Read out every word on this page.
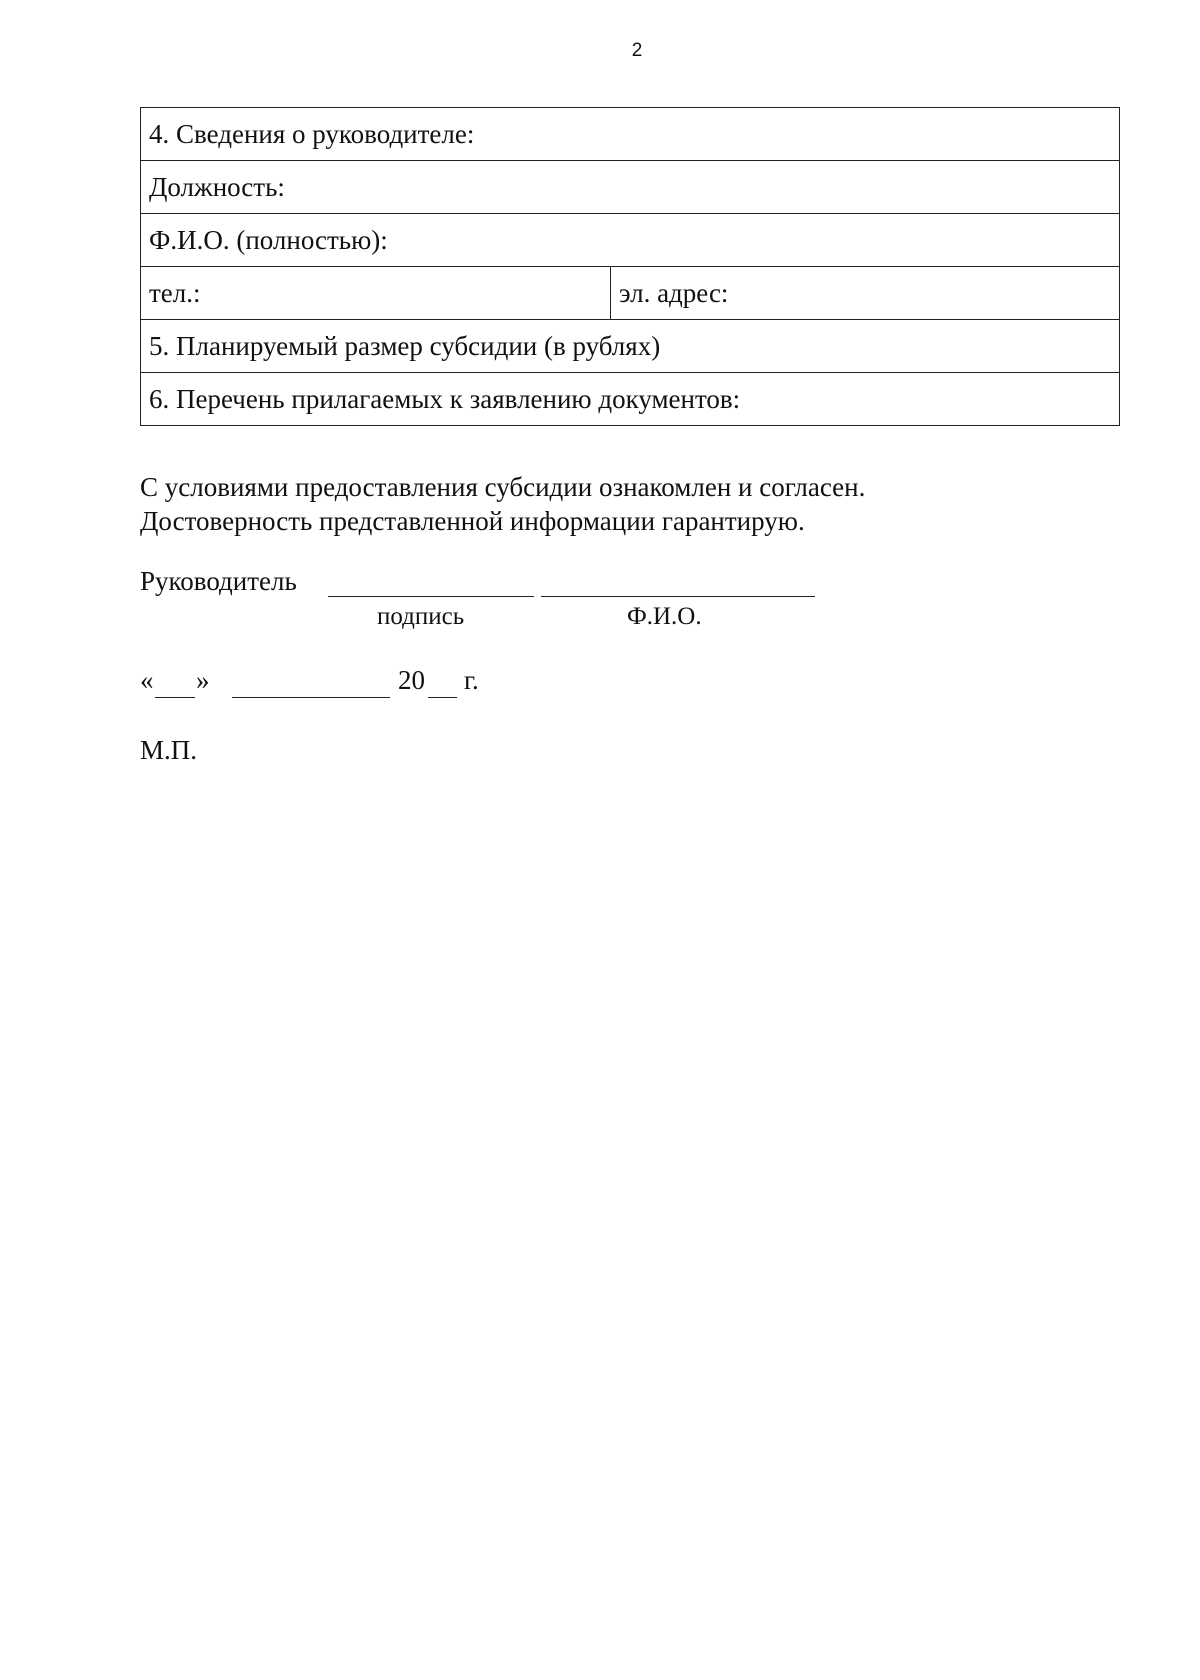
2
4. Сведения о руководителе:
Должность:
Ф.И.О. (полностью):
тел.:	эл. адрес:
5. Планируемый размер субсидии (в рублях)
6. Перечень прилагаемых к заявлению документов:
С условиями предоставления субсидии ознакомлен и согласен.
Достоверность представленной информации гарантирую.
Руководитель
подпись	Ф.И.О.
« »	20 г.
М.П.
